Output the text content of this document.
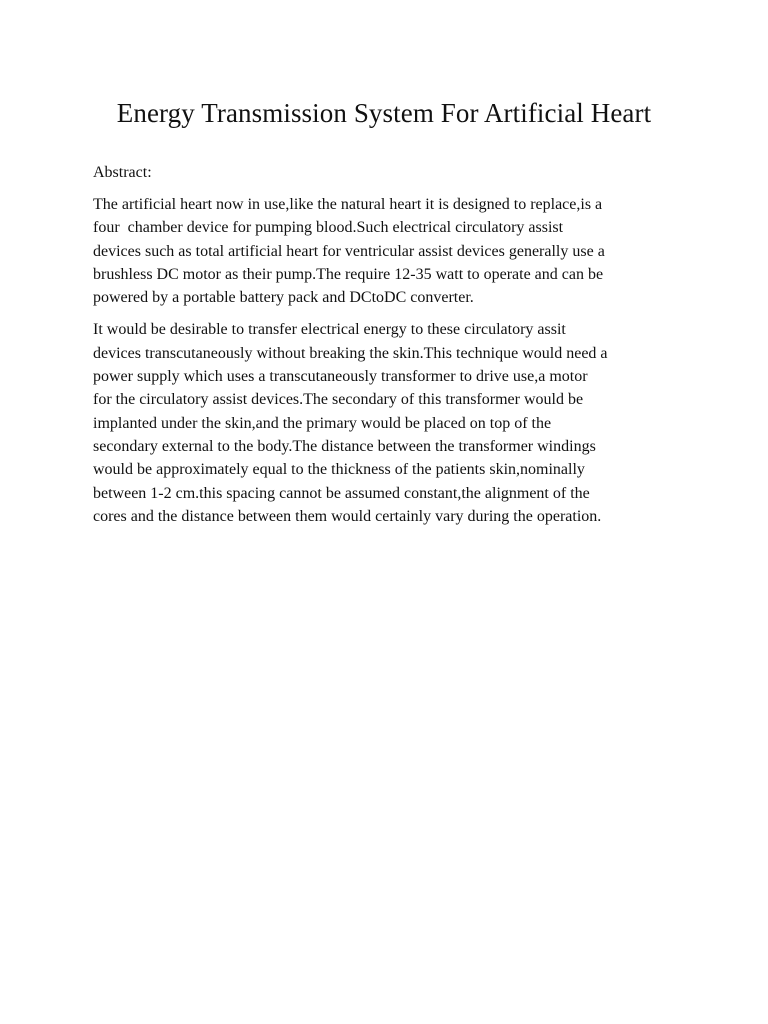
Energy Transmission System For Artificial Heart

Abstract:

The artificial heart now in use,like the natural heart it is designed to replace,is a
four  chamber device for pumping blood.Such electrical circulatory assist
devices such as total artificial heart for ventricular assist devices generally use a
brushless DC motor as their pump.The require 12-35 watt to operate and can be
powered by a portable battery pack and DCtoDC converter.

It would be desirable to transfer electrical energy to these circulatory assit
devices transcutaneously without breaking the skin.This technique would need a
power supply which uses a transcutaneously transformer to drive use,a motor
for the circulatory assist devices.The secondary of this transformer would be
implanted under the skin,and the primary would be placed on top of the
secondary external to the body.The distance between the transformer windings
would be approximately equal to the thickness of the patients skin,nominally
between 1-2 cm.this spacing cannot be assumed constant,the alignment of the
cores and the distance between them would certainly vary during the operation.
